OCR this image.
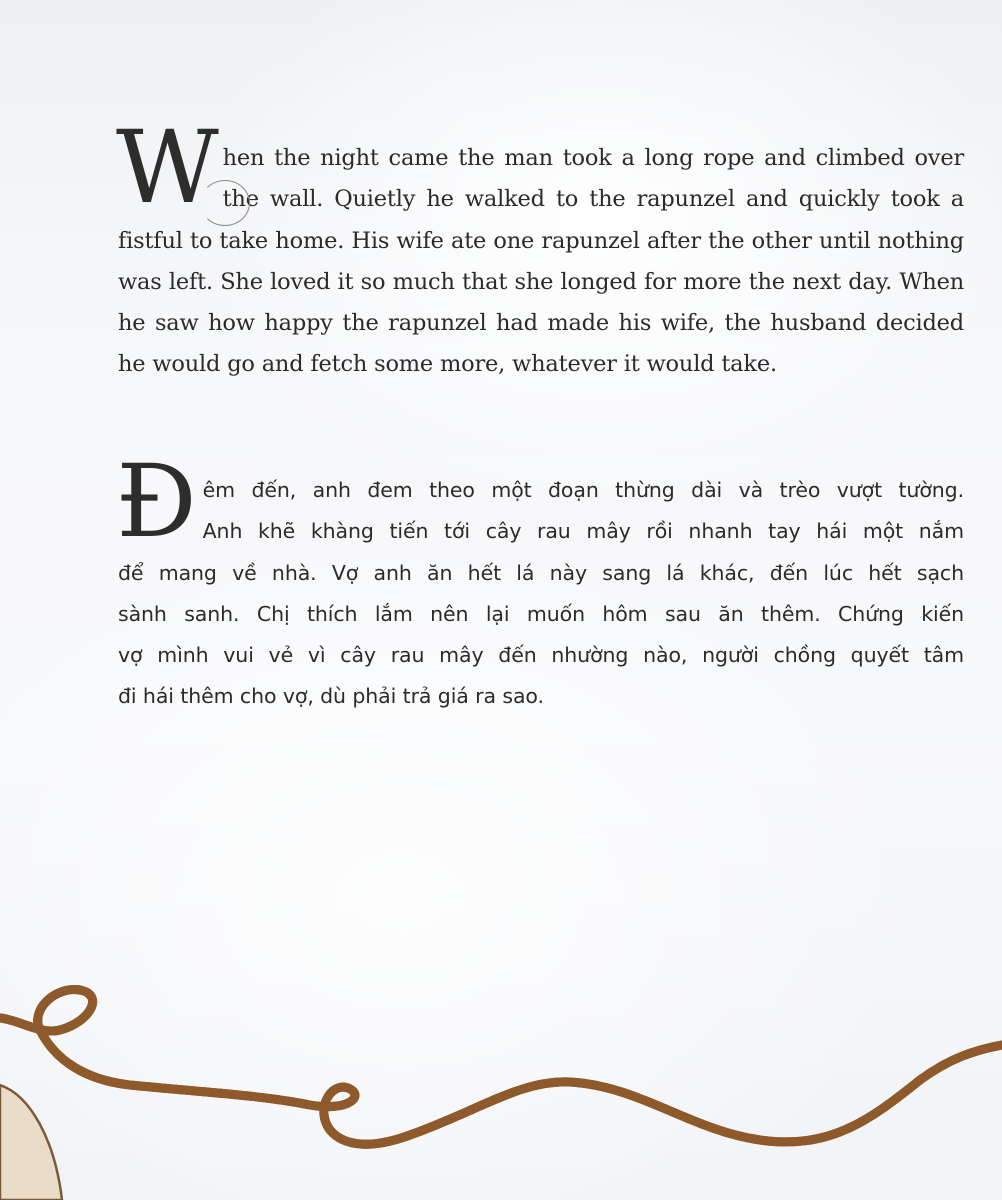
W hen the night came the man took a long rope and climbed over
the wall. Quietly he walked to the rapunzel and quickly took a
fistful to take home. His wife ate one rapunzel after the other until nothing
was left. She loved it so much that she longed for more the next day. When
he saw how happy the rapunzel had made his wife, the husband decided
he would go and fetch some more, whatever it would take.
Đ êm đến, anh đem theo một đoạn thừng dài và trèo vượt tường.
Anh khẽ khàng tiến tới cây rau mây rồi nhanh tay hái một nắm
để mang về nhà. Vợ anh ăn hết lá này sang lá khác, đến lúc hết sạch
sành sanh. Chị thích lắm nên lại muốn hôm sau ăn thêm. Chứng kiến
vợ mình vui vẻ vì cây rau mây đến nhường nào, người chồng quyết tâm
đi hái thêm cho vợ, dù phải trả giá ra sao.
